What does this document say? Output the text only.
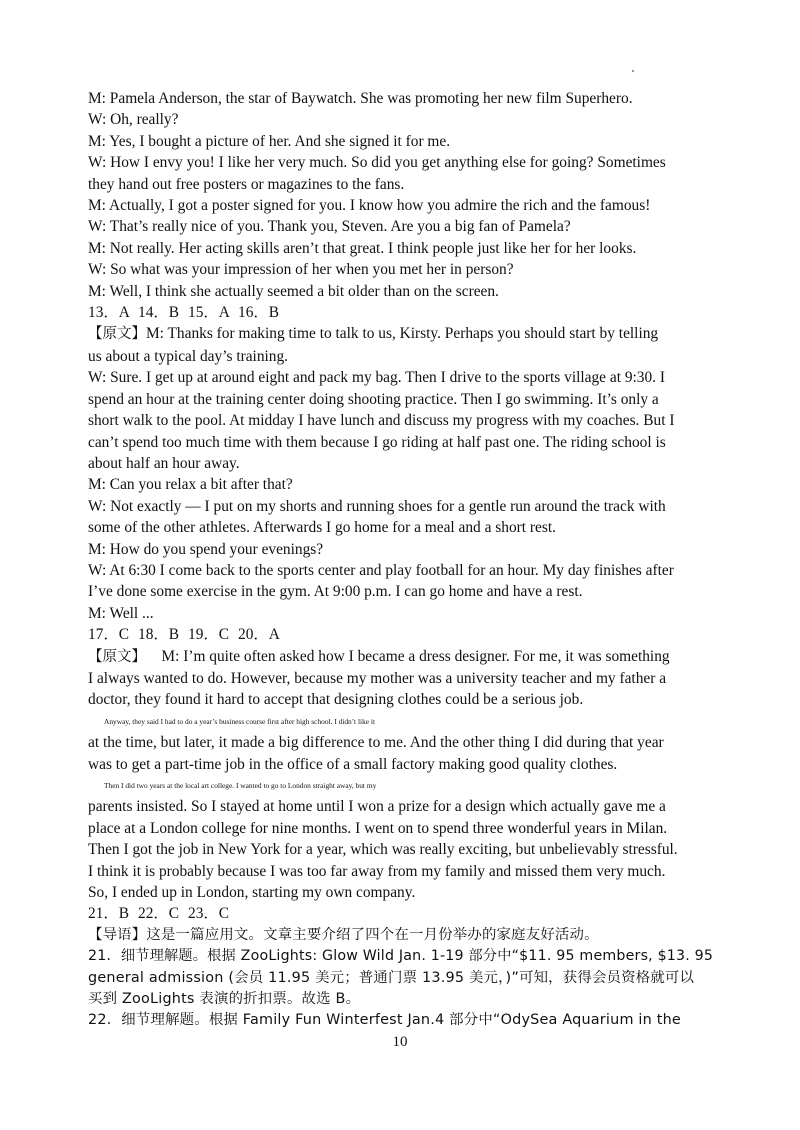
M: Pamela Anderson, the star of Baywatch. She was promoting her new film Superhero.

W: Oh, really?

M: Yes, I bought a picture of her. And she signed it for me.

W: How I envy you! I like her very much. So did you get anything else for going? Sometimes

they hand out free posters or magazines to the fans.

M: Actually, I got a poster signed for you. I know how you admire the rich and the famous!

W: That’s really nice of you. Thank you, Steven. Are you a big fan of Pamela?

M: Not really. Her acting skills aren’t that great. I think people just like her for her looks.

W: So what was your impression of her when you met her in person?

M: Well, I think she actually seemed a bit older than on the screen.

13．A 14．B 15．A 16．B

【原文】M: Thanks for making time to talk to us, Kirsty. Perhaps you should start by telling

us about a typical day’s training.

W: Sure. I get up at around eight and pack my bag. Then I drive to the sports village at 9:30. I

spend an hour at the training center doing shooting practice. Then I go swimming. It’s only a

short walk to the pool. At midday I have lunch and discuss my progress with my coaches. But I

can’t spend too much time with them because I go riding at half past one. The riding school is

about half an hour away.

M: Can you relax a bit after that?

W: Not exactly — I put on my shorts and running shoes for a gentle run around the track with

some of the other athletes. Afterwards I go home for a meal and a short rest.

M: How do you spend your evenings?

W: At 6:30 I come back to the sports center and play football for an hour. My day finishes after

I’ve done some exercise in the gym. At 9:00 p.m. I can go home and have a rest.

M: Well ...

17．C 18．B 19．C 20．A

【原文】 M: I’m quite often asked how I became a dress designer. For me, it was something

I always wanted to do. However, because my mother was a university teacher and my father a

doctor, they found it hard to accept that designing clothes could be a serious job.

Anyway, they said I had to do a year’s business course first after high school. I didn’t like it

at the time, but later, it made a big difference to me. And the other thing I did during that year

was to get a part-time job in the office of a small factory making good quality clothes.

Then I did two years at the local art college. I wanted to go to London straight away, but my

parents insisted. So I stayed at home until I won a prize for a design which actually gave me a

place at a London college for nine months. I went on to spend three wonderful years in Milan.

Then I got the job in New York for a year, which was really exciting, but unbelievably stressful.

I think it is probably because I was too far away from my family and missed them very much.

So, I ended up in London, starting my own company.

21．B 22．C 23．C

【导语】这是一篇应用文。文章主要介绍了四个在一月份举办的家庭友好活动。

21．细节理解题。根据 ZooLights: Glow Wild Jan. 1-19 部分中“$11. 95 members, $13. 95

general admission (会员 11.95 美元；普通门票 13.95 美元，)”可知，获得会员资格就可以

买到 ZooLights 表演的折扣票。故选 B。

22．细节理解题。根据 Family Fun Winterfest Jan.4 部分中“OdySea Aquarium in the

10
